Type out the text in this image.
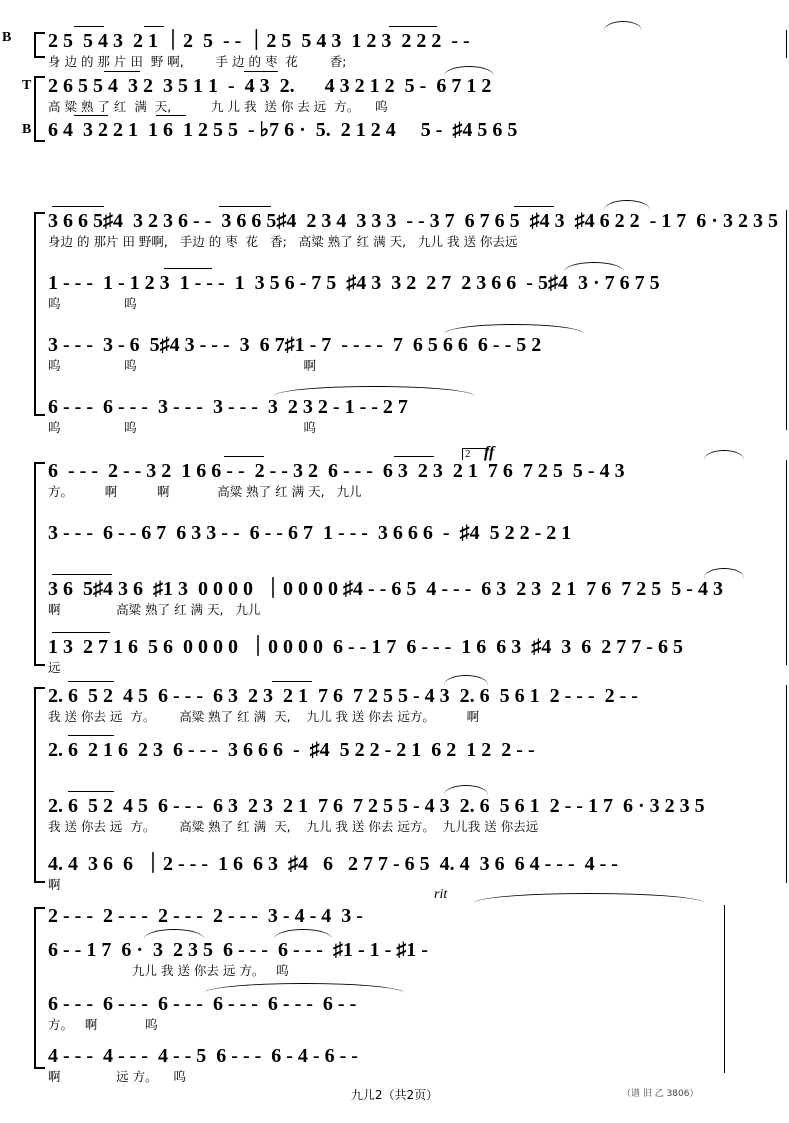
2 5  5 4 3  2 1 ｜2  5  - - ｜2 5  5 4 3  1 2 3  2 2 2  - -
身 边 的 那 片 田  野 啊,        手 边 的 枣  花        香;
T 2 6 5 5 4  3 2  3 5 1 1  -  4 3  2.      4 3 2 1 2  5 -  6 7 1 2
高 粱 熟 了 红  满  天,          九 儿 我  送 你 去 远  方。    呜
B 6 4  3 2 2 1  1 6  1 2 5 5  - ♭7 6 ·  5.  2 1 2 4     5 -  ♯4 5 6 5
B
3 6 6 5♯4  3 2 3 6 - -  3 6 6 5♯4  2 3 4  3 3 3  - - 3 7  6 7 6 5  ♯4 3  ♯4 6 2 2  - 1 7  6 · 3 2 3 5
身边 的 那片 田 野啊,   手边 的 枣  花   香;   高粱 熟了 红 满 天,   九儿 我 送 你去远
1 - - -  1 - 1 2 3  1 - - -  1  3 5 6 - 7 5  ♯4 3  3 2  2 7  2 3 6 6  - 5♯4  3 · 7 6 7 5
呜                呜
3 - - -  3 - 6  5♯4 3 - - -  3  6 7♯1 - 7  - - - -  7  6 5 6 6  6 - - 5 2
呜                呜                                          啊
6 - - -  6 - - -  3 - - -  3 - - -  3  2 3 2 - 1 - - 2 7
呜                呜                                          呜
ff
2
6  - - -  2 - - 3 2  1 6 6 - -  2 - - 3 2  6 - - -  6 3  2 3  2 1  7 6  7 2 5  5 - 4 3
方。        啊          啊            高粱 熟了 红 满 天,   九儿
3 - - -  6 - - 6 7  6 3 3 - -  6 - - 6 7  1 - - -  3 6 6 6  -  ♯4  5 2 2 - 2 1
3 6  5♯4 3 6  ♯1 3  0 0 0 0  ｜0 0 0 0 ♯4 - - 6 5  4 - - -  6 3  2 3  2 1  7 6  7 2 5  5 - 4 3
啊              高粱 熟了 红 满 天,   九儿
1 3  2 7 1 6  5 6  0 0 0 0  ｜0 0 0 0  6 - - 1 7  6 - - -  1 6  6 3  ♯4  3  6  2 7 7 - 6 5
远
2. 6  5 2  4 5  6 - - -  6 3  2 3  2 1  7 6  7 2 5 5 - 4 3  2. 6  5 6 1  2 - - -  2 - -
我 送 你去 远  方。      高粱 熟了 红 满  天,    九儿 我 送 你去 远方。        啊
2. 6  2 1 6  2 3  6 - - -  3 6 6 6  -  ♯4  5 2 2 - 2 1  6 2  1 2  2 - -
2. 6  5 2  4 5  6 - - -  6 3  2 3  2 1  7 6  7 2 5 5 - 4 3  2. 6  5 6 1  2 - - 1 7  6 · 3 2 3 5
我 送 你去 远  方。      高粱 熟了 红 满  天,    九儿 我 送 你去 远方。  九儿我 送 你去远
4. 4  3 6  6  ｜2 - - -  1 6  6 3  ♯4   6   2 7 7 - 6 5  4. 4  3 6  6 4 - - -  4 - -
啊
rit
2 - - -  2 - - -  2 - - -  2 - - -  3 - 4 - 4  3 -
6 - - 1 7  6 ·  3  2 3 5  6 - - -  6 - - -  ♯1 - 1 - ♯1 -
九儿 我 送 你去 远 方。   呜
6 - - -  6 - - -  6 - - -  6 - - -  6 - - -  6 - -
方。   啊            呜
4 - - -  4 - - -  4 - - 5  6 - - -  6 - 4 - 6 - -
啊              远 方。    呜
九儿2（共2页）	（谱 旧 乙 3806）
